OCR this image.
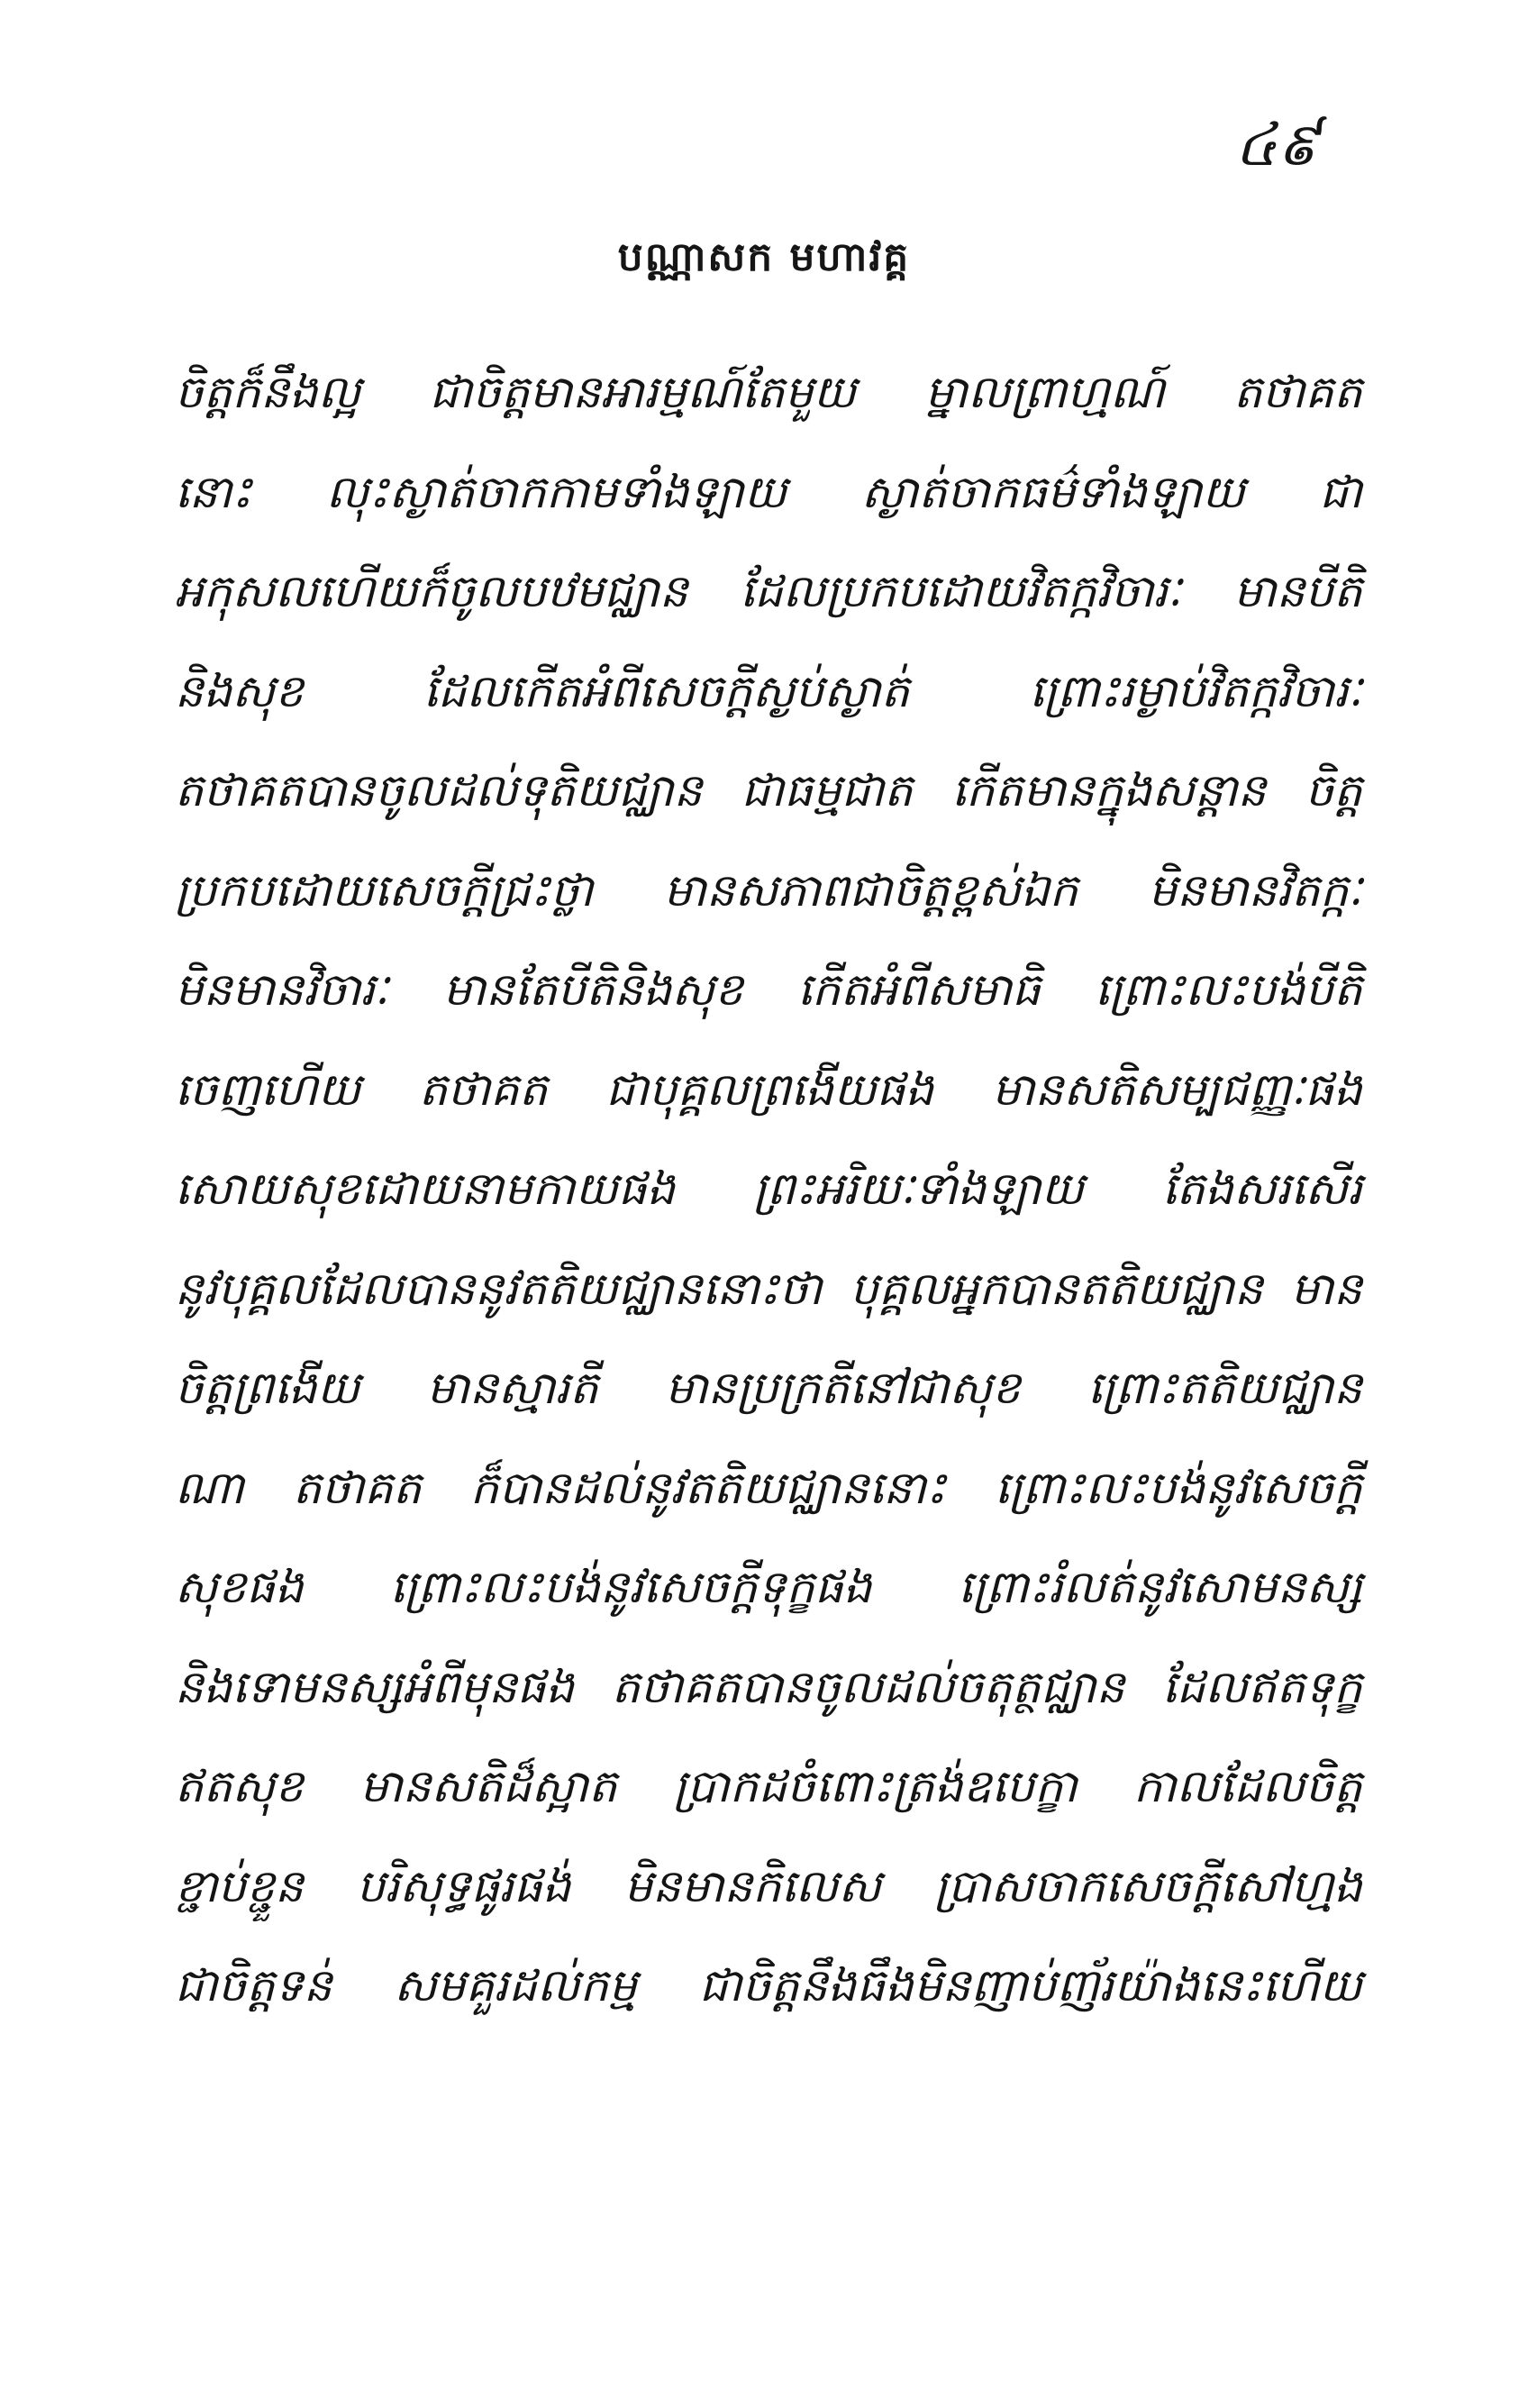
៤៩
បណ្ណាសក មហាវគ្គ
ចិត្តក៏នឹងល្អ ជាចិត្តមានអារម្មណ៍តែមួយ ម្នាលព្រាហ្មណ៍ តថាគត
នោះ លុះស្ងាត់ចាកកាមទាំងឡាយ ស្ងាត់ចាកធម៌ទាំងឡាយ ជា
អកុសលហើយក៏ចូលបឋមជ្ឈាន ដែលប្រកបដោយវិតក្កវិចារៈ មានបីតិ
និងសុខ	ដែលកើតអំពីសេចក្តីស្ងប់ស្ងាត់	ព្រោះរម្ងាប់វិតក្កវិចារៈ
តថាគតបានចូលដល់ទុតិយជ្ឈាន ជាធម្មជាត កើតមានក្នុងសន្តាន ចិត្ត
ប្រកបដោយសេចក្តីជ្រះថ្លា មានសភាពជាចិត្តខ្ពស់ឯក មិនមានវិតក្កៈ
មិនមានវិចារៈ មានតែបីតិនិងសុខ កើតអំពីសមាធិ ព្រោះលះបង់បីតិ
ចេញហើយ តថាគត ជាបុគ្គលព្រងើយផង មានសតិសម្បជញ្ញៈផង
សោយសុខដោយនាមកាយផង ព្រះអរិយៈទាំងឡាយ តែងសរសើរ
នូវបុគ្គលដែលបាននូវតតិយជ្ឈាននោះថា បុគ្គលអ្នកបានតតិយជ្ឈាន មាន
ចិត្តព្រងើយ មានស្មារតី មានប្រក្រតីនៅជាសុខ ព្រោះតតិយជ្ឈាន
ណា តថាគត ក៏បានដល់នូវតតិយជ្ឈាននោះ ព្រោះលះបង់នូវសេចក្តី
សុខផង ព្រោះលះបង់នូវសេចក្តីទុក្ខផង ព្រោះរំលត់នូវសោមនស្ស
និងទោមនស្សអំពីមុនផង តថាគតបានចូលដល់ចតុត្ថជ្ឈាន ដែលឥតទុក្ខ
ឥតសុខ មានសតិដ៏ស្អាត ប្រាកដចំពោះត្រង់ឧបេក្ខា កាលដែលចិត្ត
ខ្ជាប់ខ្ជួន បរិសុទ្ធផូរផង់ មិនមានកិលេស ប្រាសចាកសេចក្តីសៅហ្មង
ជាចិត្តទន់ សមគួរដល់កម្ម ជាចិត្តនឹងធឹងមិនញាប់ញ័រយ៉ាងនេះហើយ
